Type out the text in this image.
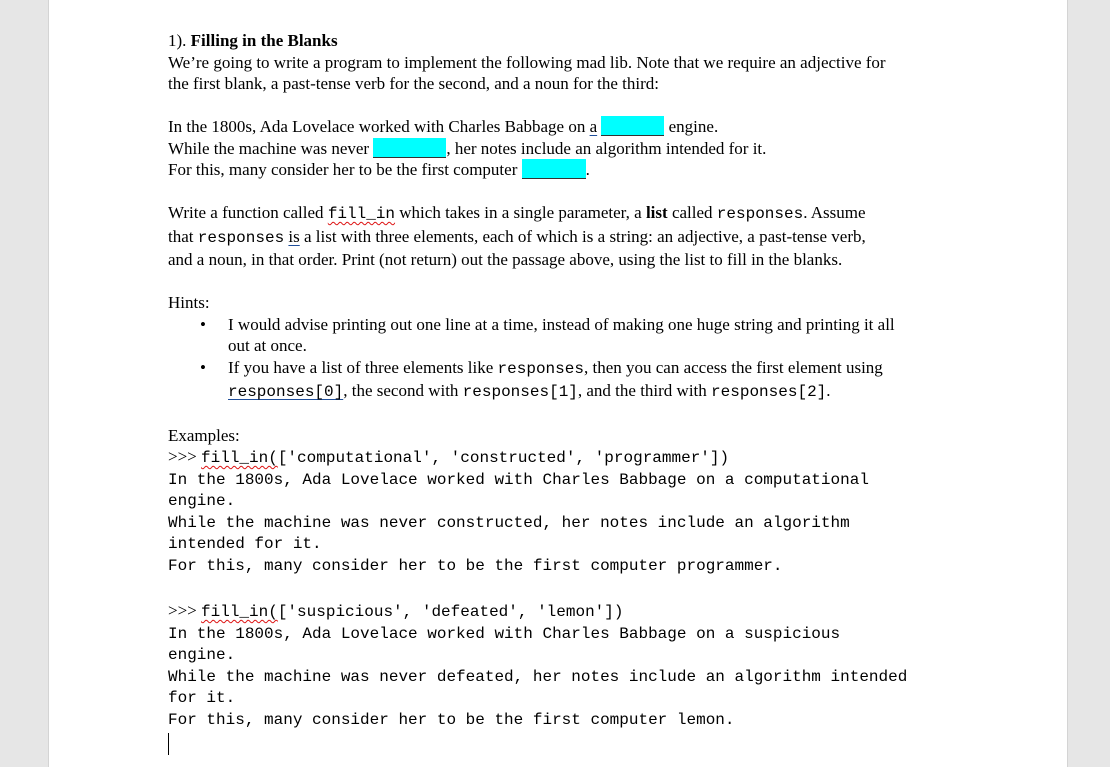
1). Filling in the Blanks

We’re going to write a program to implement the following mad lib. Note that we require an adjective for

the first blank, a past-tense verb for the second, and a noun for the third:

In the 1800s, Ada Lovelace worked with Charles Babbage on a	engine.

While the machine was never	, her notes include an algorithm intended for it.

For this, many consider her to be the first computer	.

Write a function called fill_in which takes in a single parameter, a list called responses. Assume

that responses is a list with three elements, each of which is a string: an adjective, a past-tense verb,

and a noun, in that order. Print (not return) out the passage above, using the list to fill in the blanks.

Hints:

• I would advise printing out one line at a time, instead of making one huge string and printing it all
out at once.
• If you have a list of three elements like responses, then you can access the first element using
responses[0], the second with responses[1], and the third with responses[2].

Examples:

>>> fill_in(['computational', 'constructed', 'programmer'])

In the 1800s, Ada Lovelace worked with Charles Babbage on a computational

engine.

While the machine was never constructed, her notes include an algorithm

intended for it.

For this, many consider her to be the first computer programmer.

>>> fill_in(['suspicious', 'defeated', 'lemon'])

In the 1800s, Ada Lovelace worked with Charles Babbage on a suspicious

engine.

While the machine was never defeated, her notes include an algorithm intended

for it.

For this, many consider her to be the first computer lemon.
